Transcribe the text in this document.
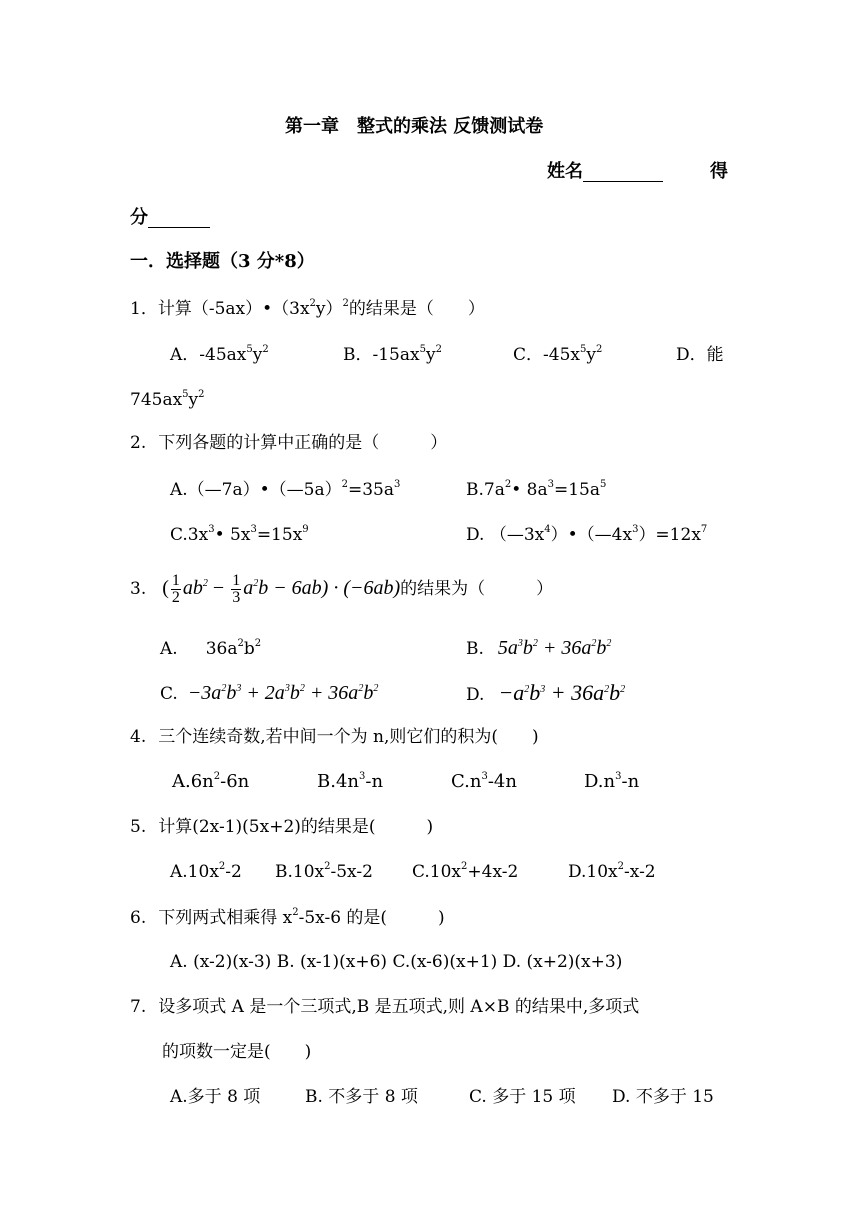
第一章　整式的乘法 反馈测试卷
姓名	得
分
一．选择题（3 分*8）
1．计算$(-5ax)•(3x^2y)^2$的结果是（　　）
A．$-45ax^5y^2$	B．$-15ax^5y^2$	C．$-45x^5y^2$	D．能
$745ax^5y^2$
2. 下列各题的计算中正确的是（　　　）
$A.(—7a)•(—5a)^2=35a^3$	$B.7a^2•$ $8a^3=15a^5$
$C.3x^3•$ $5x^3=15x^9$	D. $(—3x^4)•(—4x^3)=12x^7$
3. ( $\frac{1}{2} ab^2 - \frac{1}{3} a^2b - 6ab) \cdot (-6ab)$的结果为（　　　）
A. $36a^2b^2$	B. $5a^3b^2 + 36a^2b^2$
C. $-3a^2b^3 + 2a^3b^2 + 36a^2b^2$	D. $-a^2b^3 + 36a^2b^2$
4. 三个连续奇数,若中间一个为 n,则它们的积为(　　)
$A.6n^2-6n$	$B.4n^3-n$	$C.n^3-4n$	$D.n^3-n$
5. 计算(2x-1)(5x+2)的结果是(　　　)
$A.10x^2-2$ $B.10x^2-5x-2$ $C.10x^2+4x-2$	$D.10x^2-x-2$
6. 下列两式相乘得 $x^2-5x-6$ 的是(　　　)
A. (x-2)(x-3) B. (x-1)(x+6) C.(x-6)(x+1) D. (x+2)(x+3)
7. 设多项式 A 是一个三项式,B 是五项式,则 A×B 的结果中,多项式
的项数一定是(　　)
A.多于 8 项	B. 不多于 8 项	C. 多于 15 项 D. 不多于 15
